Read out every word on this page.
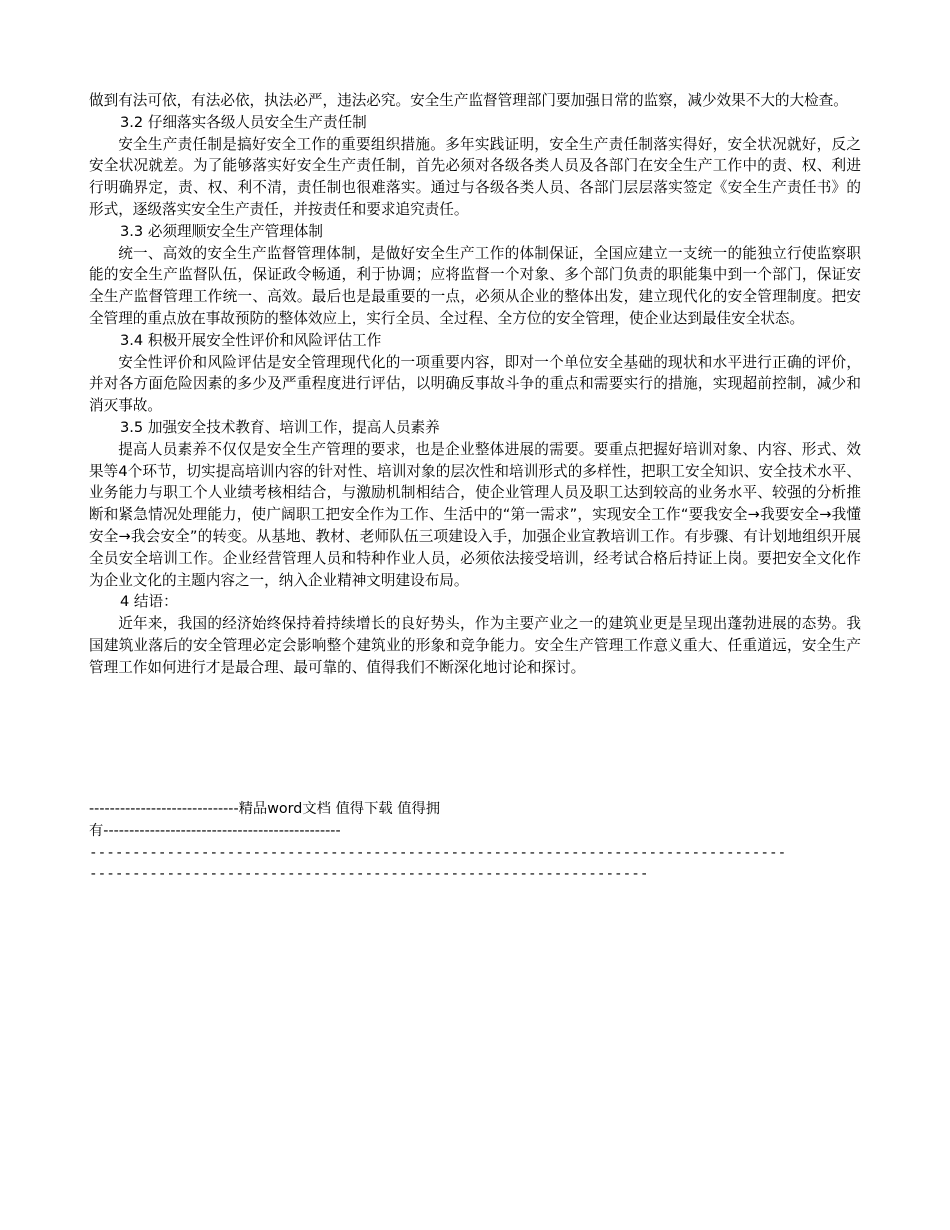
做到有法可依，有法必依，执法必严，违法必究。安全生产监督管理部门要加强日常的监察，减少效果不大的大检查。

3.2 仔细落实各级人员安全生产责任制

安全生产责任制是搞好安全工作的重要组织措施。多年实践证明，安全生产责任制落实得好，安全状况就好，反之安全状况就差。为了能够落实好安全生产责任制，首先必须对各级各类人员及各部门在安全生产工作中的责、权、利进行明确界定，责、权、利不清，责任制也很难落实。通过与各级各类人员、各部门层层落实签定《安全生产责任书》的形式，逐级落实安全生产责任，并按责任和要求追究责任。

3.3 必须理顺安全生产管理体制

统一、高效的安全生产监督管理体制，是做好安全生产工作的体制保证，全国应建立一支统一的能独立行使监察职能的安全生产监督队伍，保证政令畅通，利于协调；应将监督一个对象、多个部门负责的职能集中到一个部门，保证安全生产监督管理工作统一、高效。最后也是最重要的一点，必须从企业的整体出发，建立现代化的安全管理制度。把安全管理的重点放在事故预防的整体效应上，实行全员、全过程、全方位的安全管理，使企业达到最佳安全状态。

3.4 积极开展安全性评价和风险评估工作

安全性评价和风险评估是安全管理现代化的一项重要内容，即对一个单位安全基础的现状和水平进行正确的评价，并对各方面危险因素的多少及严重程度进行评估，以明确反事故斗争的重点和需要实行的措施，实现超前控制，减少和消灭事故。

3.5 加强安全技术教育、培训工作，提高人员素养

提高人员素养不仅仅是安全生产管理的要求，也是企业整体进展的需要。要重点把握好培训对象、内容、形式、效果等4个环节，切实提高培训内容的针对性、培训对象的层次性和培训形式的多样性，把职工安全知识、安全技术水平、业务能力与职工个人业绩考核相结合，与激励机制相结合，使企业管理人员及职工达到较高的业务水平、较强的分析推断和紧急情况处理能力，使广阔职工把安全作为工作、生活中的“第一需求”，实现安全工作“要我安全→我要安全→我懂安全→我会安全”的转变。从基地、教材、老师队伍三项建设入手，加强企业宣教培训工作。有步骤、有计划地组织开展全员安全培训工作。企业经营管理人员和特种作业人员，必须依法接受培训，经考试合格后持证上岗。要把安全文化作为企业文化的主题内容之一，纳入企业精神文明建设布局。

4 结语：

近年来，我国的经济始终保持着持续增长的良好势头，作为主要产业之一的建筑业更是呈现出蓬勃进展的态势。我国建筑业落后的安全管理必定会影响整个建筑业的形象和竞争能力。安全生产管理工作意义重大、任重道远，安全生产管理工作如何进行才是最合理、最可靠的、值得我们不断深化地讨论和探讨。

-----------------------------精品word文档 值得下载 值得拥
有----------------------------------------------
---------------------------------------------------------------------------------
-----------------------------------------------------------------
